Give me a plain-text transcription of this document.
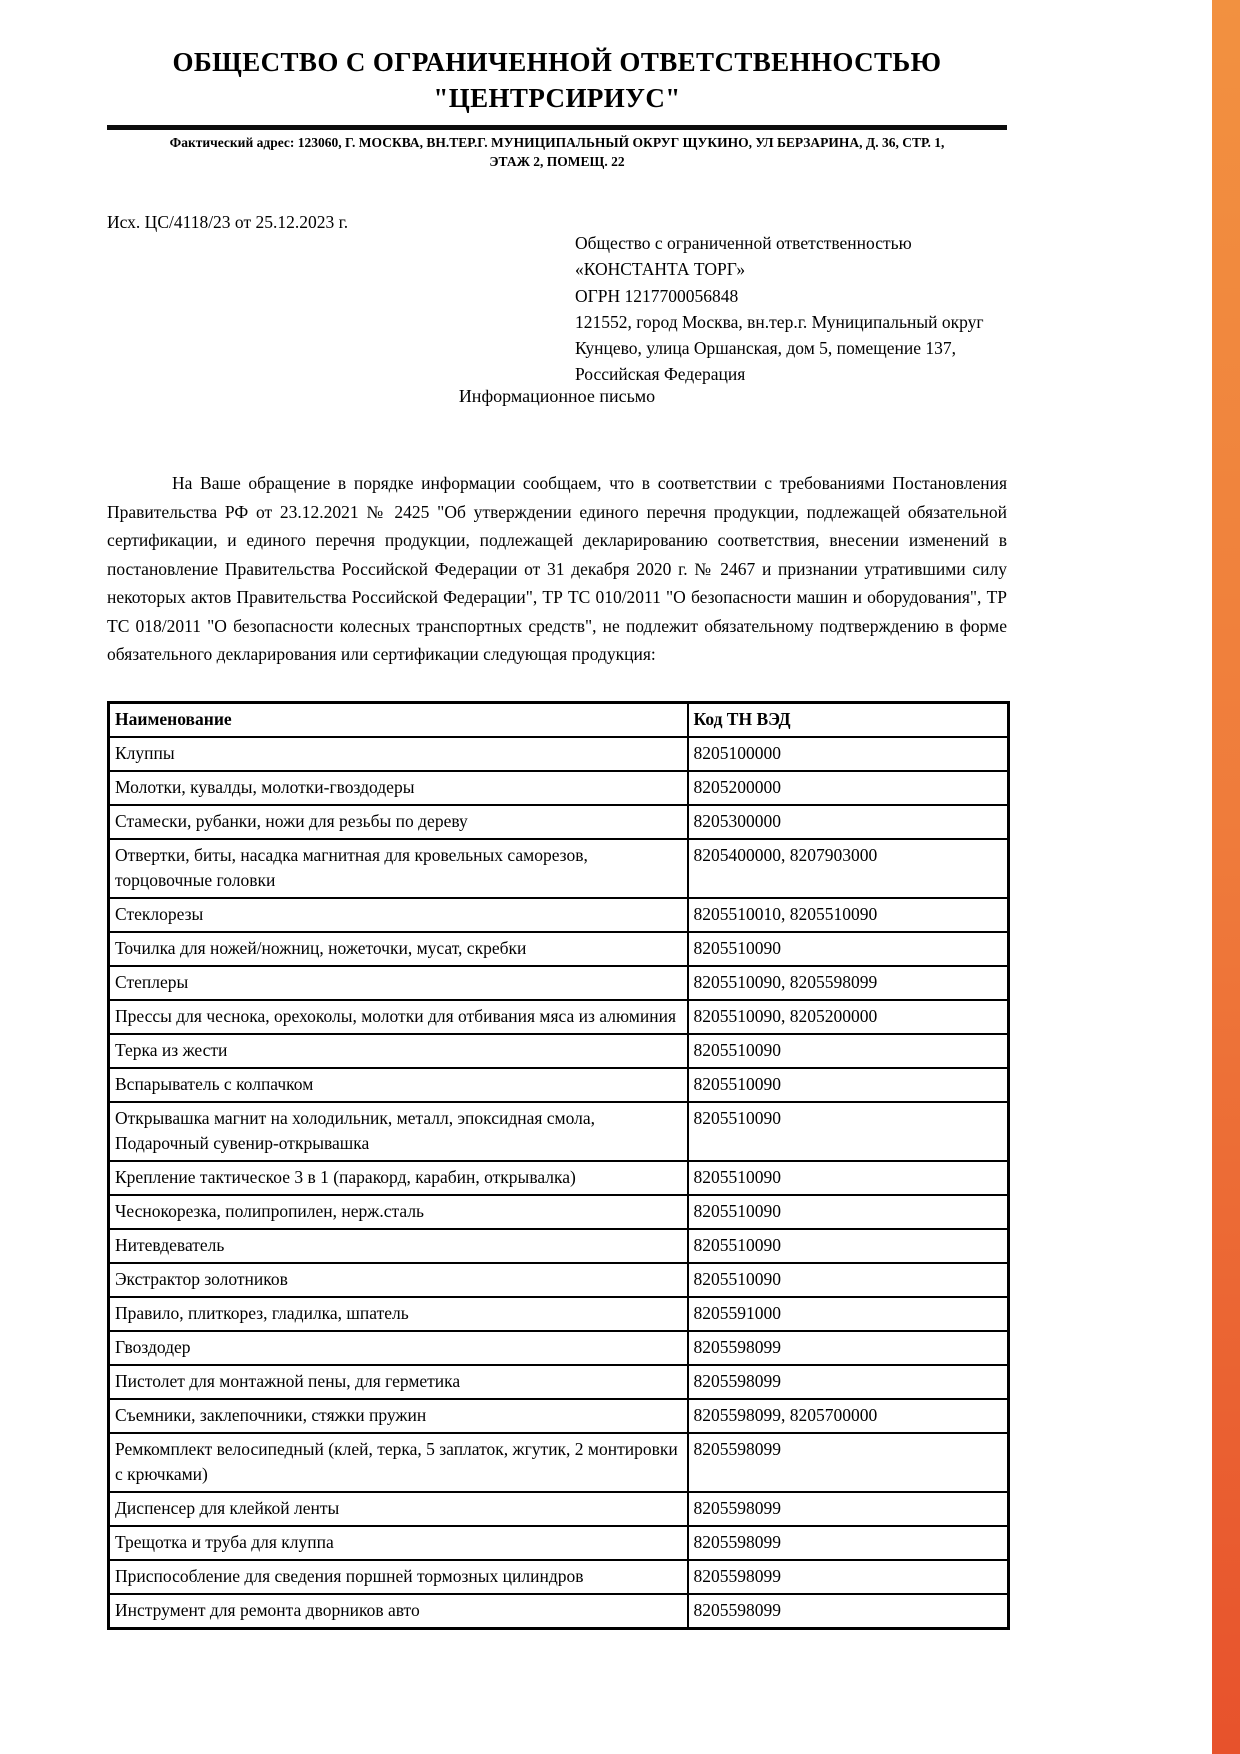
ОБЩЕСТВО С ОГРАНИЧЕННОЙ ОТВЕТСТВЕННОСТЬЮ
"ЦЕНТРСИРИУС"
Фактический адрес: 123060, Г. МОСКВА, ВН.ТЕР.Г. МУНИЦИПАЛЬНЫЙ ОКРУГ ЩУКИНО, УЛ БЕРЗАРИНА, Д. 36, СТР. 1,
ЭТАЖ 2, ПОМЕЩ. 22
Исх. ЦС/4118/23 от 25.12.2023 г.
Общество с ограниченной ответственностью
«КОНСТАНТА ТОРГ»
ОГРН 1217700056848
121552, город Москва, вн.тер.г. Муниципальный округ
Кунцево, улица Оршанская, дом 5, помещение 137,
Российская Федерация
Информационное письмо

На Ваше обращение в порядке информации сообщаем, что в соответствии с требованиями Постановления Правительства РФ от 23.12.2021 № 2425 "Об утверждении единого перечня продукции, подлежащей обязательной сертификации, и единого перечня продукции, подлежащей декларированию соответствия, внесении изменений в постановление Правительства Российской Федерации от 31 декабря 2020 г. № 2467 и признании утратившими силу некоторых актов Правительства Российской Федерации", ТР ТС 010/2011 "О безопасности машин и оборудования", ТР ТС 018/2011 "О безопасности колесных транспортных средств", не подлежит обязательному подтверждению в форме обязательного декларирования или сертификации следующая продукция:

Наименование	Код ТН ВЭД
Клуппы	8205100000
Молотки, кувалды, молотки-гвоздодеры	8205200000
Стамески, рубанки, ножи для резьбы по дереву	8205300000
Отвертки, биты, насадка магнитная для кровельных саморезов, торцовочные головки	8205400000, 8207903000
Стеклорезы	8205510010, 8205510090
Точилка для ножей/ножниц, ножеточки, мусат, скребки	8205510090
Степлеры	8205510090, 8205598099
Прессы для чеснока, орехоколы, молотки для отбивания мяса из алюминия	8205510090, 8205200000
Терка из жести	8205510090
Вспарыватель с колпачком	8205510090
Открывашка магнит на холодильник, металл, эпоксидная смола, Подарочный сувенир-открывашка	8205510090
Крепление тактическое 3 в 1 (паракорд, карабин, открывалка)	8205510090
Чеснокорезка, полипропилен, нерж.сталь	8205510090
Нитевдеватель	8205510090
Экстрактор золотников	8205510090
Правило, плиткорез, гладилка, шпатель	8205591000
Гвоздодер	8205598099
Пистолет для монтажной пены, для герметика	8205598099
Съемники, заклепочники, стяжки пружин	8205598099, 8205700000
Ремкомплект велосипедный (клей, терка, 5 заплаток, жгутик, 2 монтировки с крючками)	8205598099
Диспенсер для клейкой ленты	8205598099
Трещотка и труба для клуппа	8205598099
Приспособление для сведения поршней тормозных цилиндров	8205598099
Инструмент для ремонта дворников авто	8205598099
